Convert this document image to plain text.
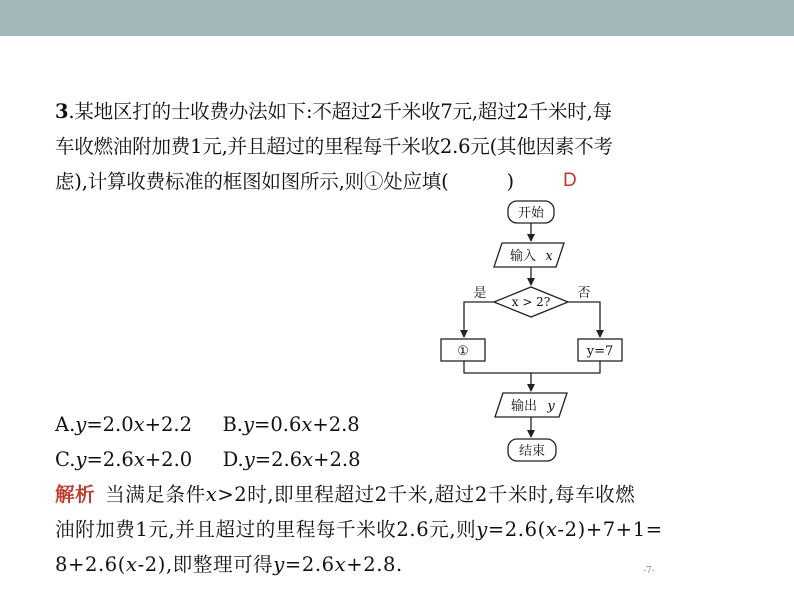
3.某地区打的士收费办法如下:不超过2千米收7元,超过2千米时,每
车收燃油附加费1元,并且超过的里程每千米收2.6元(其他因素不考
虑),计算收费标准的框图如图所示,则①处应填(	)	D
开始
输入 x
x > 2?
是	否
①	y=7
输出 y
结束
A.y=2.0x+2.2 B.y=0.6x+2.8
C.y=2.6x+2.0 D.y=2.6x+2.8
解析 当满足条件x>2时,即里程超过2千米,超过2千米时,每车收燃
油附加费1元,并且超过的里程每千米收2.6元,则y=2.6(x-2)+7+1=
8+2.6(x-2),即整理可得y=2.6x+2.8.	-7-
